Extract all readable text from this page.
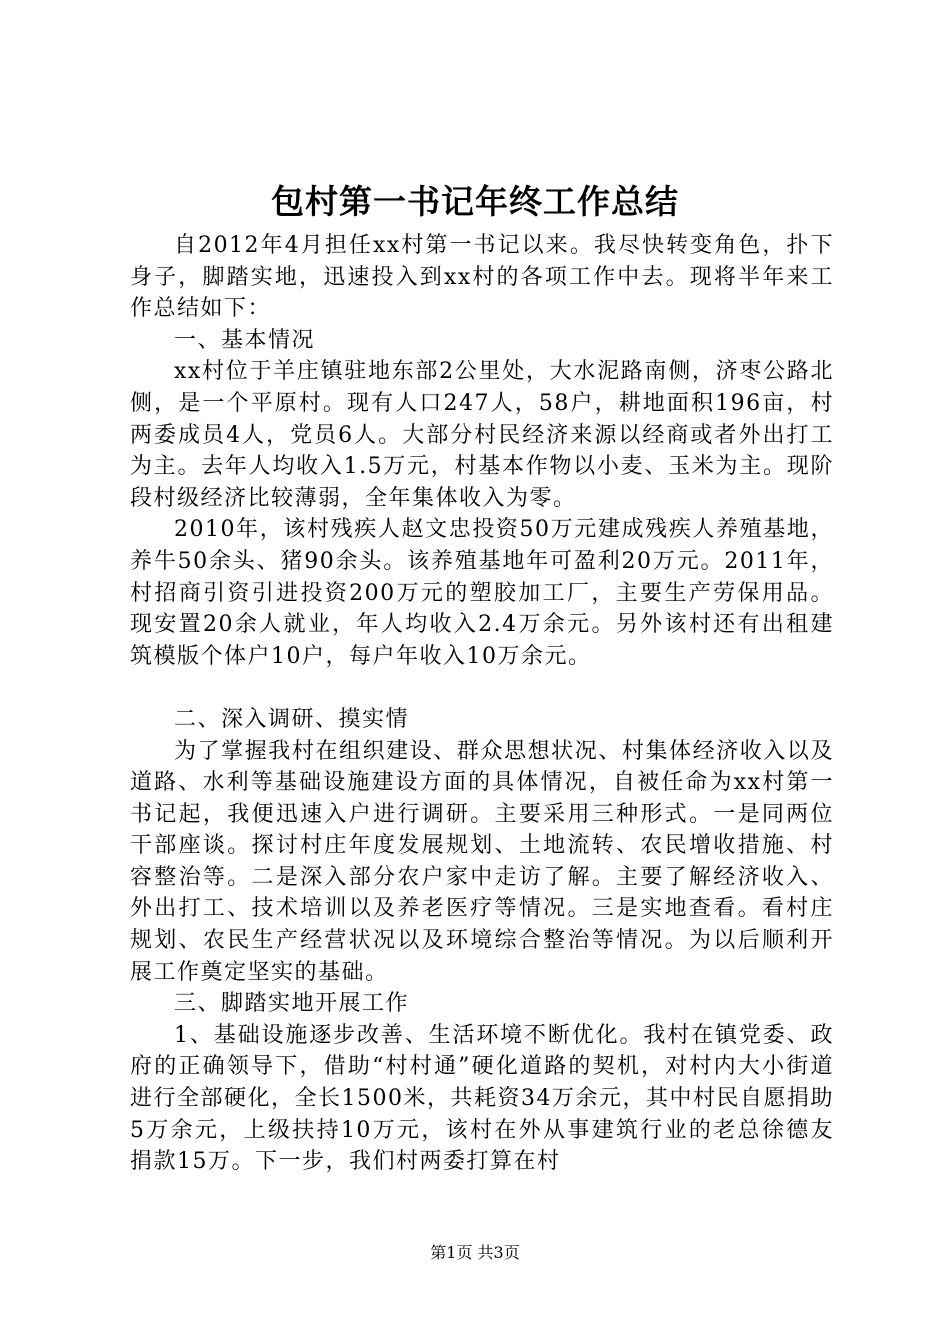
包村第一书记年终工作总结

自2012年4月担任xx村第一书记以来。我尽快转变角色，扑下身子，脚踏实地，迅速投入到xx村的各项工作中去。现将半年来工作总结如下：

一、基本情况

xx村位于羊庄镇驻地东部2公里处，大水泥路南侧，济枣公路北侧，是一个平原村。现有人口247人，58户，耕地面积196亩，村两委成员4人，党员6人。大部分村民经济来源以经商或者外出打工为主。去年人均收入1.5万元，村基本作物以小麦、玉米为主。现阶段村级经济比较薄弱，全年集体收入为零。

2010年，该村残疾人赵文忠投资50万元建成残疾人养殖基地，养牛50余头、猪90余头。该养殖基地年可盈利20万元。2011年，村招商引资引进投资200万元的塑胶加工厂，主要生产劳保用品。现安置20余人就业，年人均收入2.4万余元。另外该村还有出租建筑模版个体户10户，每户年收入10万余元。

二、深入调研、摸实情

为了掌握我村在组织建设、群众思想状况、村集体经济收入以及道路、水利等基础设施建设方面的具体情况，自被任命为xx村第一书记起，我便迅速入户进行调研。主要采用三种形式。一是同两位干部座谈。探讨村庄年度发展规划、土地流转、农民增收措施、村容整治等。二是深入部分农户家中走访了解。主要了解经济收入、外出打工、技术培训以及养老医疗等情况。三是实地查看。看村庄规划、农民生产经营状况以及环境综合整治等情况。为以后顺利开展工作奠定坚实的基础。

三、脚踏实地开展工作

1、基础设施逐步改善、生活环境不断优化。我村在镇党委、政府的正确领导下，借助“村村通”硬化道路的契机，对村内大小街道进行全部硬化，全长1500米，共耗资34万余元，其中村民自愿捐助5万余元，上级扶持10万元，该村在外从事建筑行业的老总徐德友捐款15万。下一步，我们村两委打算在村

第1页 共3页
